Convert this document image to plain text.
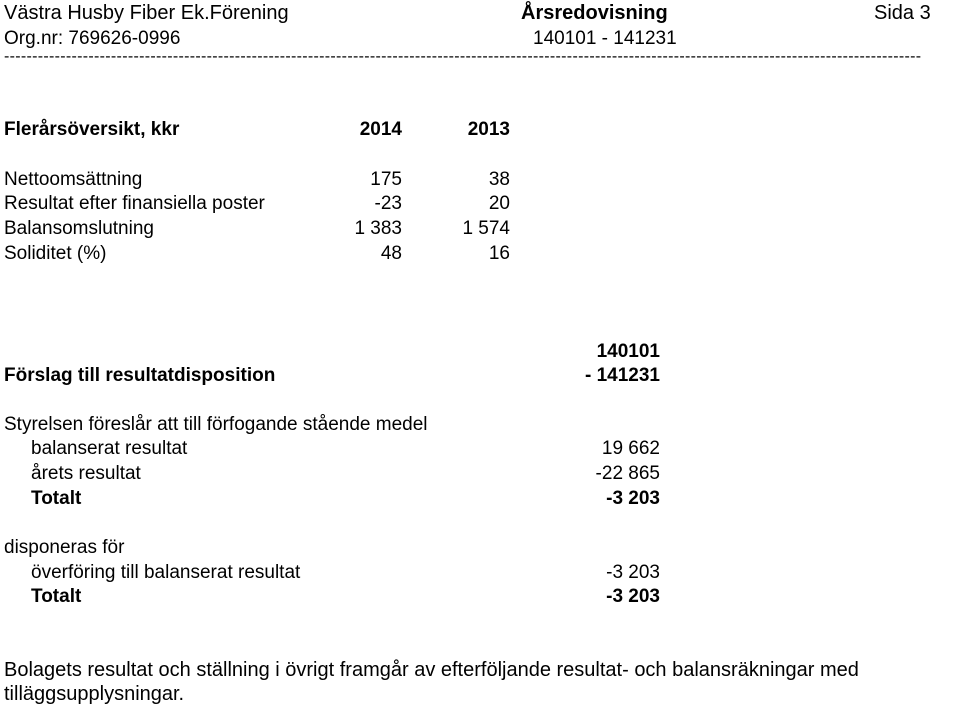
Västra Husby Fiber Ek.Förening	Årsredovisning	Sida 3
Org.nr: 769626-0996	140101 - 141231
-------------------------------------------------------------------------------------------------------------------------------------------------------------------
Flerårsöversikt, kkr	2014	2013
Nettoomsättning	175	38
Resultat efter finansiella poster	-23	20
Balansomslutning	1 383	1 574
Soliditet (%)	48	16
140101
Förslag till resultatdisposition	- 141231
Styrelsen föreslår att till förfogande stående medel
balanserat resultat	19 662
årets resultat	-22 865
Totalt	-3 203
disponeras för
överföring till balanserat resultat	-3 203
Totalt	-3 203
Bolagets resultat och ställning i övrigt framgår av efterföljande resultat- och balansräkningar med
tilläggsupplysningar.
